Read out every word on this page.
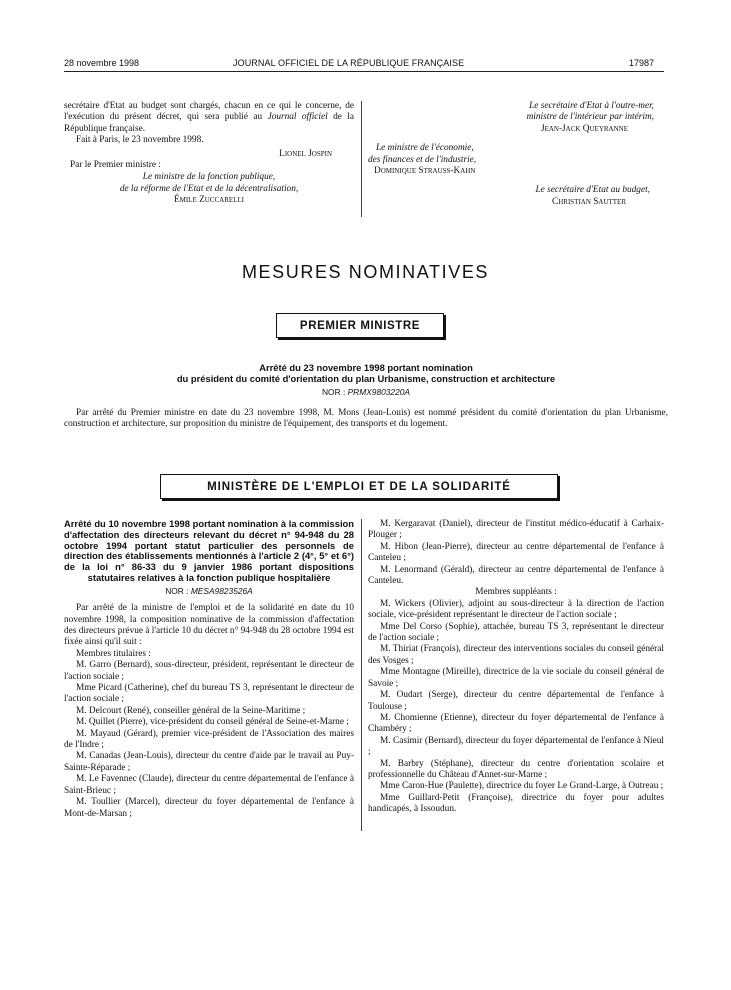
28 novembre 1998	JOURNAL OFFICIEL DE LA RÉPUBLIQUE FRANÇAISE	17987

secrétaire d'Etat au budget sont chargés, chacun en ce qui le concerne, de l'exécution du présent décret, qui sera publié au Journal officiel de la République française.

Fait à Paris, le 23 novembre 1998.

Lionel Jospin
Par le Premier ministre :
Le ministre de la fonction publique,
de la réforme de l'Etat et de la décentralisation,
Émile Zuccarelli
Le secrétaire d'Etat à l'outre-mer,
ministre de l'intérieur par intérim,
Jean-Jack Queyranne
Le ministre de l'économie,
des finances et de l'industrie,
Dominique Strauss-Kahn
Le secrétaire d'Etat au budget,
Christian Sautter
MESURES NOMINATIVES
PREMIER MINISTRE
Arrêté du 23 novembre 1998 portant nomination
du président du comité d'orientation du plan Urbanisme, construction et architecture
NOR : PRMX9803220A

Par arrêté du Premier ministre en date du 23 novembre 1998, M. Mons (Jean-Louis) est nommé président du comité d'orientation du plan Urbanisme, construction et architecture, sur proposition du ministre de l'équipement, des transports et du logement.

MINISTÈRE DE L'EMPLOI ET DE LA SOLIDARITÉ
Arrêté du 10 novembre 1998 portant nomination à la commission d'affectation des directeurs relevant du décret n° 94-948 du 28 octobre 1994 portant statut particulier des personnels de direction des établissements mentionnés à l'article 2 (4°, 5° et 6°) de la loi n° 86-33 du 9 janvier 1986 portant dispositions statutaires relatives à la fonction publique hospitalière
NOR : MESA9823526A

Par arrêté de la ministre de l'emploi et de la solidarité en date du 10 novembre 1998, la composition nominative de la commission d'affectation des directeurs prévue à l'article 10 du décret n° 94-948 du 28 octobre 1994 est fixée ainsi qu'il suit :

Membres titulaires :

M. Garro (Bernard), sous-directeur, président, représentant le directeur de l'action sociale ;

Mme Picard (Catherine), chef du bureau TS 3, représentant le directeur de l'action sociale ;

M. Delcourt (René), conseiller général de la Seine-Maritime ;

M. Quillet (Pierre), vice-président du conseil général de Seine-et-Marne ;

M. Mayaud (Gérard), premier vice-président de l'Association des maires de l'Indre ;

M. Canadas (Jean-Louis), directeur du centre d'aide par le travail au Puy-Sainte-Réparade ;

M. Le Favennec (Claude), directeur du centre départemental de l'enfance à Saint-Brieuc ;

M. Toullier (Marcel), directeur du foyer départemental de l'enfance à Mont-de-Marsan ;

M. Kergaravat (Daniel), directeur de l'institut médico-éducatif à Carhaix-Plouger ;

M. Hibon (Jean-Pierre), directeur au centre départemental de l'enfance à Canteleu ;

M. Lenormand (Gérald), directeur au centre départemental de l'enfance à Canteleu.

Membres suppléants :

M. Wickers (Olivier), adjoint au sous-directeur à la direction de l'action sociale, vice-président représentant le directeur de l'action sociale ;

Mme Del Corso (Sophie), attachée, bureau TS 3, représentant le directeur de l'action sociale ;

M. Thiriat (François), directeur des interventions sociales du conseil général des Vosges ;

Mme Montagne (Mireille), directrice de la vie sociale du conseil général de Savoie ;

M. Oudart (Serge), directeur du centre départemental de l'enfance à Toulouse ;

M. Chomienne (Etienne), directeur du foyer départemental de l'enfance à Chambéry ;

M. Casimir (Bernard), directeur du foyer départemental de l'enfance à Nieul ;

M. Barbry (Stéphane), directeur du centre d'orientation scolaire et professionnelle du Château d'Annet-sur-Marne ;

Mme Caron-Hue (Paulette), directrice du foyer Le Grand-Large, à Outreau ;

Mme Guillard-Petit (Françoise), directrice du foyer pour adultes handicapés, à Issoudun.
